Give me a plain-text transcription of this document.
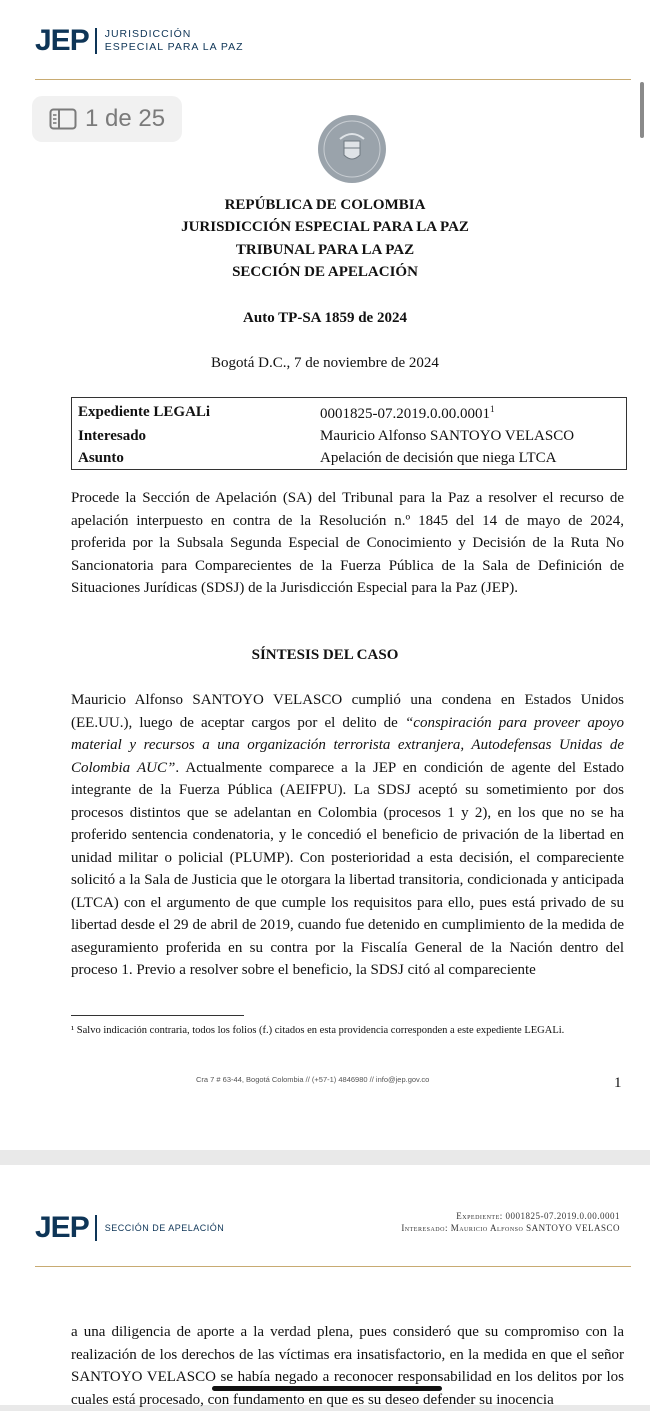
JEP JURISDICCIÓN
ESPECIAL PARA LA PAZ
1 de 25
REPÚBLICA DE COLOMBIA
JURISDICCIÓN ESPECIAL PARA LA PAZ
TRIBUNAL PARA LA PAZ
SECCIÓN DE APELACIÓN
Auto TP-SA 1859 de 2024
Bogotá D.C., 7 de noviembre de 2024
Expediente LEGALi	0001825-07.2019.0.00.0001$^1$
Interesado	Mauricio Alfonso SANTOYO VELASCO
Asunto	Apelación de decisión que niega LTCA
Procede la Sección de Apelación (SA) del Tribunal para la Paz a resolver el recurso de apelación interpuesto en contra de la Resolución n.º 1845 del 14 de mayo de 2024, proferida por la Subsala Segunda Especial de Conocimiento y Decisión de la Ruta No Sancionatoria para Comparecientes de la Fuerza Pública de la Sala de Definición de Situaciones Jurídicas (SDSJ) de la Jurisdicción Especial para la Paz (JEP).
SÍNTESIS DEL CASO
Mauricio Alfonso SANTOYO VELASCO cumplió una condena en Estados Unidos (EE.UU.), luego de aceptar cargos por el delito de “conspiración para proveer apoyo material y recursos a una organización terrorista extranjera, Autodefensas Unidas de Colombia AUC”. Actualmente comparece a la JEP en condición de agente del Estado integrante de la Fuerza Pública (AEIFPU). La SDSJ aceptó su sometimiento por dos procesos distintos que se adelantan en Colombia (procesos 1 y 2), en los que no se ha proferido sentencia condenatoria, y le concedió el beneficio de privación de la libertad en unidad militar o policial (PLUMP). Con posterioridad a esta decisión, el compareciente solicitó a la Sala de Justicia que le otorgara la libertad transitoria, condicionada y anticipada (LTCA) con el argumento de que cumple los requisitos para ello, pues está privado de su libertad desde el 29 de abril de 2019, cuando fue detenido en cumplimiento de la medida de aseguramiento proferida en su contra por la Fiscalía General de la Nación dentro del proceso 1. Previo a resolver sobre el beneficio, la SDSJ citó al compareciente
¹ Salvo indicación contraria, todos los folios (f.) citados en esta providencia corresponden a este expediente LEGALi.
Cra 7 # 63-44, Bogotá Colombia // (+57-1) 4846980 // info@jep.gov.co	1
JEP SECCIÓN DE APELACIÓN
Expediente: 0001825-07.2019.0.00.0001
Interesado: Mauricio Alfonso SANTOYO VELASCO
a una diligencia de aporte a la verdad plena, pues consideró que su compromiso con la realización de los derechos de las víctimas era insatisfactorio, en la medida en que el señor SANTOYO VELASCO se había negado a reconocer responsabilidad en los delitos por los cuales está procesado, con fundamento en que es su deseo defender su inocencia
